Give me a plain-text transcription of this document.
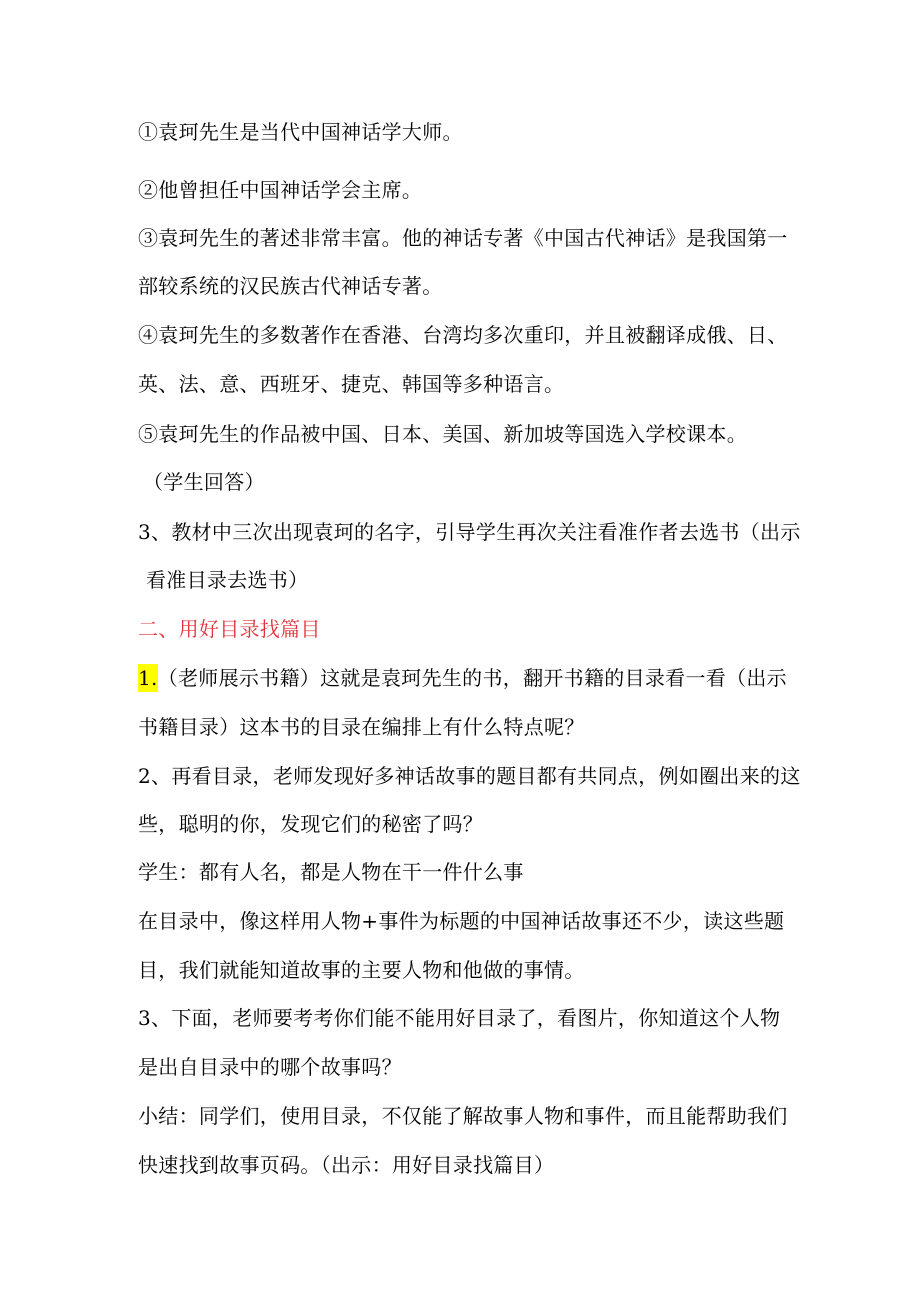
①袁珂先生是当代中国神话学大师。
②他曾担任中国神话学会主席。
③袁珂先生的著述非常丰富。他的神话专著《中国古代神话》是我国第一
部较系统的汉民族古代神话专著。
④袁珂先生的多数著作在香港、台湾均多次重印，并且被翻译成俄、日、
英、法、意、西班牙、捷克、韩国等多种语言。
⑤袁珂先生的作品被中国、日本、美国、新加坡等国选入学校课本。
（学生回答）
3、教材中三次出现袁珂的名字，引导学生再次关注看准作者去选书（出示
看准目录去选书）
二、用好目录找篇目
1.（老师展示书籍）这就是袁珂先生的书，翻开书籍的目录看一看（出示
书籍目录）这本书的目录在编排上有什么特点呢？
2、再看目录，老师发现好多神话故事的题目都有共同点，例如圈出来的这
些，聪明的你，发现它们的秘密了吗？
学生：都有人名，都是人物在干一件什么事
在目录中，像这样用人物+事件为标题的中国神话故事还不少，读这些题
目，我们就能知道故事的主要人物和他做的事情。
3、下面，老师要考考你们能不能用好目录了，看图片，你知道这个人物
是出自目录中的哪个故事吗？
小结：同学们，使用目录，不仅能了解故事人物和事件，而且能帮助我们
快速找到故事页码。（出示：用好目录找篇目）
